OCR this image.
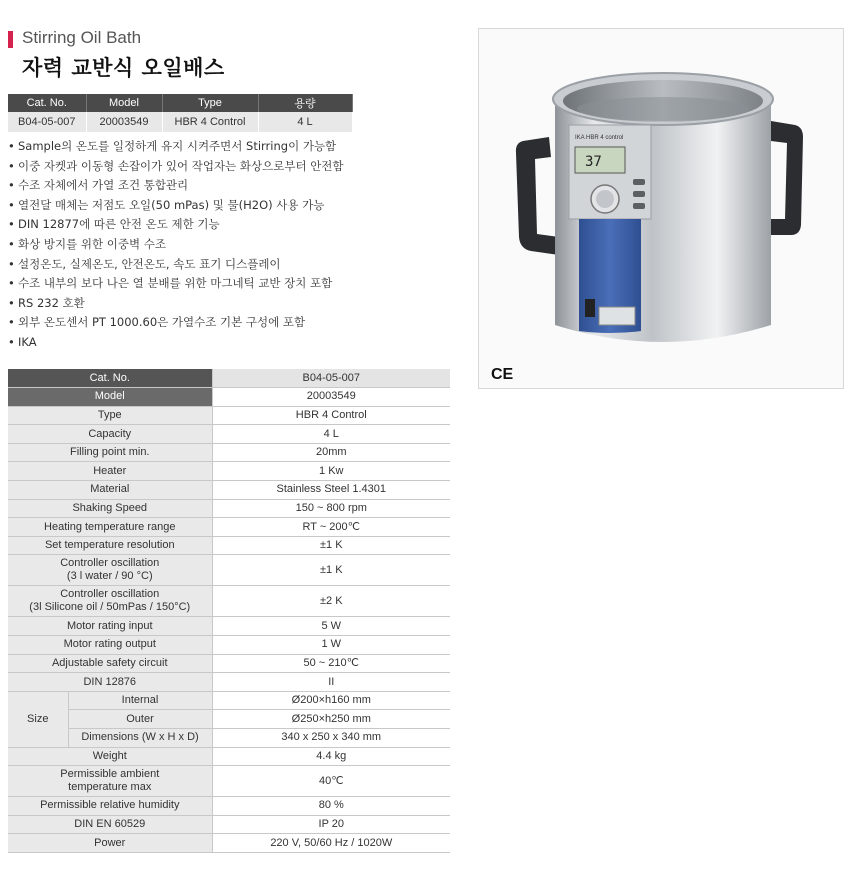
Stirring Oil Bath
자력 교반식 오일배스
Cat. No.	Model	Type	용량
B04-05-007	20003549	HBR 4 Control	4 L
• Sample의 온도를 일정하게 유지 시켜주면서 Stirring이 가능함
• 이중 자켓과 이동형 손잡이가 있어 작업자는 화상으로부터 안전함
• 수조 자체에서 가열 조건 통합관리
• 열전달 매체는 저점도 오일(50 mPas) 및 물(H2O) 사용 가능
• DIN 12877에 따른 안전 온도 제한 기능
• 화상 방지를 위한 이중벽 수조
• 설정온도, 실제온도, 안전온도, 속도 표기 디스플레이
• 수조 내부의 보다 나은 열 분배를 위한 마그네틱 교반 장치 포함
• RS 232 호환
• 외부 온도센서 PT 1000.60은 가열수조 기본 구성에 포함
• IKA
Cat. No.		B04-05-007
Model		20003549
Type		HBR 4 Control
Capacity		4 L
Filling point min.		20mm
Heater		1 Kw
Material		Stainless Steel 1.4301
Shaking Speed		150 ~ 800 rpm
Heating temperature range		RT ~ 200℃
Set temperature resolution		±1 K

Controller oscillation
(3 l water / 90 °C)		±1 K

Controller oscillation
(3l Silicone oil / 50mPas / 150°C)		±2 K
Motor rating input		5 W
Motor rating output		1 W
Adjustable safety circuit		50 ~ 210℃
DIN 12876		II
Size	Internal	Ø200×h160 mm
	Outer	Ø250×h250 mm
	Dimensions (W x H x D)	340 x 250 x 340 mm
Weight		4.4 kg

Permissible ambient
temperature max		40℃
Permissible relative humidity		80 %
DIN EN 60529		IP 20
Power		220 V, 50/60 Hz / 1020W
37
IKA HBR 4 control
CE
